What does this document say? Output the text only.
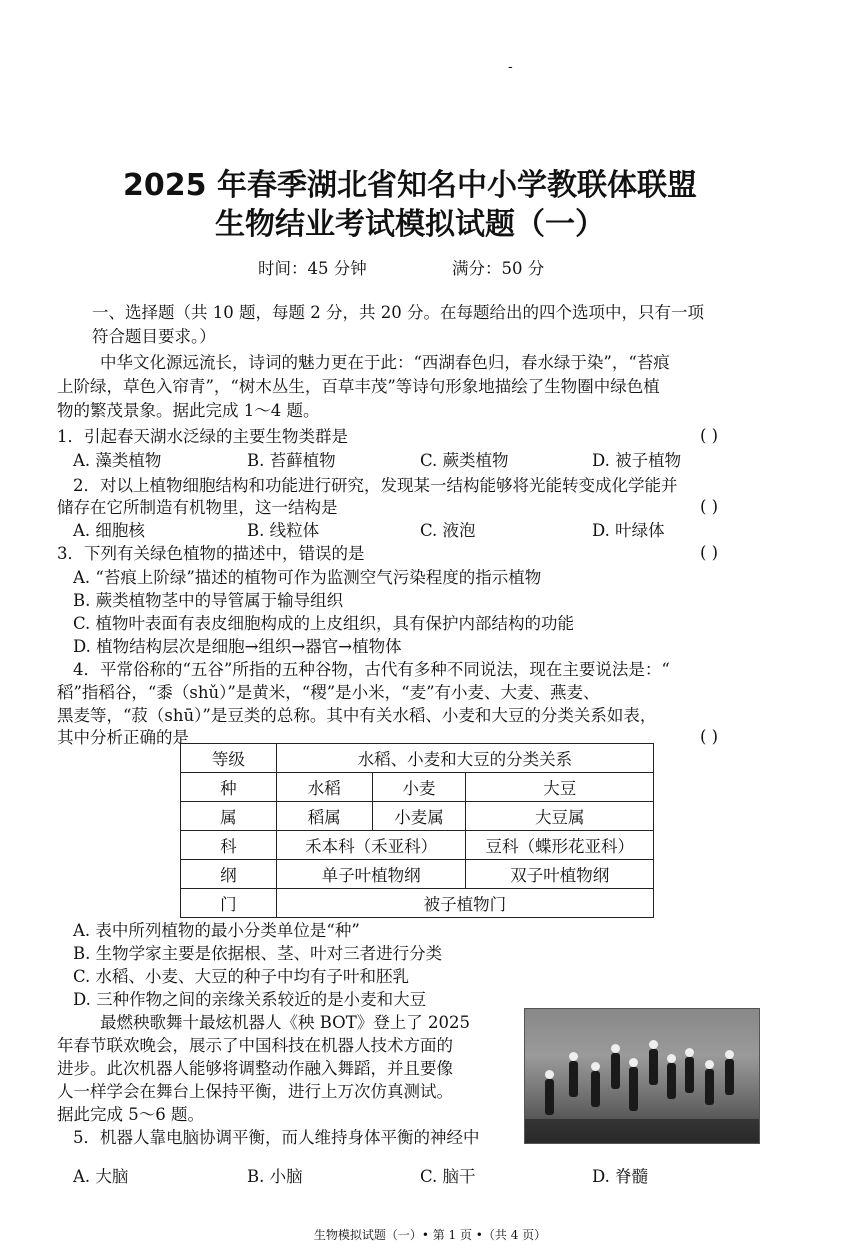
-
2025 年春季湖北省知名中小学教联体联盟
生物结业考试模拟试题（一）
时间：45 分钟	满分：50 分
一、选择题（共 10 题，每题 2 分，共 20 分。在每题给出的四个选项中，只有一项
符合题目要求。）
中华文化源远流长，诗词的魅力更在于此：“西湖春色归，春水绿于染”，“苔痕
上阶绿，草色入帘青”，“树木丛生，百草丰茂”等诗句形象地描绘了生物圈中绿色植
物的繁茂景象。据此完成 1～4 题。
1．引起春天湖水泛绿的主要生物类群是	( )
A. 藻类植物	B. 苔藓植物	C. 蕨类植物	D. 被子植物
2．对以上植物细胞结构和功能进行研究，发现某一结构能够将光能转变成化学能并
储存在它所制造有机物里，这一结构是	( )
A. 细胞核	B. 线粒体	C. 液泡	D. 叶绿体
3．下列有关绿色植物的描述中，错误的是	( )
A. “苔痕上阶绿”描述的植物可作为监测空气污染程度的指示植物
B. 蕨类植物茎中的导管属于输导组织
C. 植物叶表面有表皮细胞构成的上皮组织，具有保护内部结构的功能
D. 植物结构层次是细胞→组织→器官→植物体
4．平常俗称的“五谷”所指的五种谷物，古代有多种不同说法，现在主要说法是：“
稻”指稻谷，“黍（shǔ）”是黄米，“稷”是小米，“麦”有小麦、大麦、燕麦、
黑麦等，“菽（shū）”是豆类的总称。其中有关水稻、小麦和大豆的分类关系如表，
其中分析正确的是	( )
等级	水稻、小麦和大豆的分类关系		
种	水稻	小麦	大豆
属	稻属	小麦属	大豆属
科	禾本科（禾亚科）		豆科（蝶形花亚科）
纲	单子叶植物纲		双子叶植物纲
门	被子植物门		
A. 表中所列植物的最小分类单位是“种”
B. 生物学家主要是依据根、茎、叶对三者进行分类
C. 水稻、小麦、大豆的种子中均有子叶和胚乳
D. 三种作物之间的亲缘关系较近的是小麦和大豆
最燃秧歌舞十最炫机器人《秧 BOT》登上了 2025
年春节联欢晚会，展示了中国科技在机器人技术方面的
进步。此次机器人能够将调整动作融入舞蹈，并且要像
人一样学会在舞台上保持平衡，进行上万次仿真测试。
据此完成 5～6 题。
5．机器人靠电脑协调平衡，而人维持身体平衡的神经中
A. 大脑	B. 小脑	C. 脑干	D. 脊髓
生物模拟试题（一）• 第 1 页 •（共 4 页）
